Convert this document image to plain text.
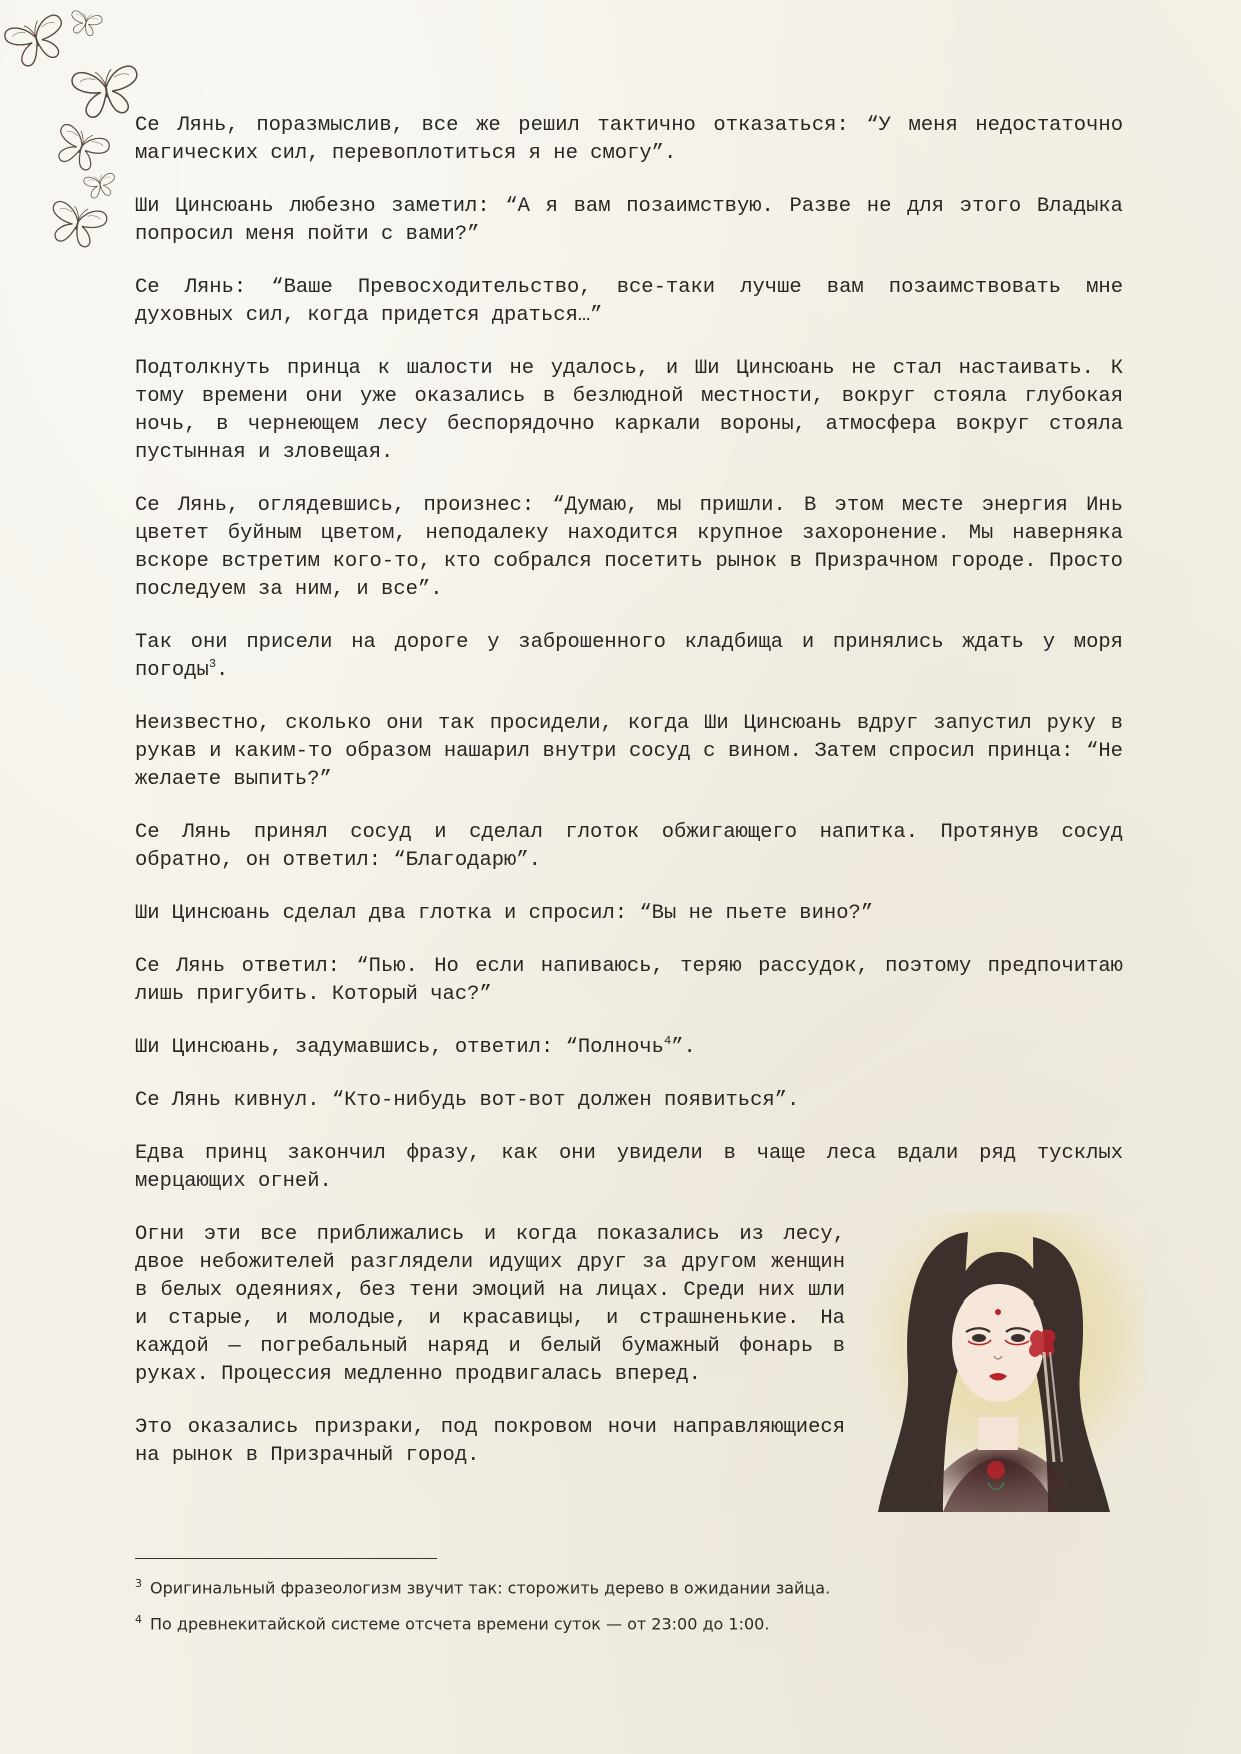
Се Лянь, поразмыслив, все же решил тактично отказаться: “У меня недостаточно магических сил, перевоплотиться я не смогу”.

Ши Цинсюань любезно заметил: “А я вам позаимствую. Разве не для этого Владыка попросил меня пойти с вами?”

Се Лянь: “Ваше Превосходительство, все-таки лучше вам позаимствовать мне духовных сил, когда придется драться…”

Подтолкнуть принца к шалости не удалось, и Ши Цинсюань не стал настаивать. К тому времени они уже оказались в безлюдной местности, вокруг стояла глубокая ночь, в чернеющем лесу беспорядочно каркали вороны, атмосфера вокруг стояла пустынная и зловещая.

Се Лянь, оглядевшись, произнес: “Думаю, мы пришли. В этом месте энергия Инь цветет буйным цветом, неподалеку находится крупное захоронение. Мы наверняка вскоре встретим кого-то, кто собрался посетить рынок в Призрачном городе. Просто последуем за ним, и все”.

Так они присели на дороге у заброшенного кладбища и принялись ждать у моря погоды$^3$.

Неизвестно, сколько они так просидели, когда Ши Цинсюань вдруг запустил руку в рукав и каким-то образом нашарил внутри сосуд с вином. Затем спросил принца: “Не желаете выпить?”

Се Лянь принял сосуд и сделал глоток обжигающего напитка. Протянув сосуд обратно, он ответил: “Благодарю”.

Ши Цинсюань сделал два глотка и спросил: “Вы не пьете вино?”

Се Лянь ответил: “Пью. Но если напиваюсь, теряю рассудок, поэтому предпочитаю лишь пригубить. Который час?”

Ши Цинсюань, задумавшись, ответил: “Полночь$^4$”.

Се Лянь кивнул. “Кто-нибудь вот-вот должен появиться”.

Едва принц закончил фразу, как они увидели в чаще леса вдали ряд тусклых мерцающих огней.

Огни эти все приближались и когда показались из лесу, двое небожителей разглядели идущих друг за другом женщин в белых одеяниях, без тени эмоций на лицах. Среди них шли и старые, и молодые, и красавицы, и страшненькие. На каждой — погребальный наряд и белый бумажный фонарь в руках. Процессия медленно продвигалась вперед.

Это оказались призраки, под покровом ночи направляющиеся на рынок в Призрачный город.

$^3$ Оригинальный фразеологизм звучит так: сторожить дерево в ожидании зайца.
$^4$ По древнекитайской системе отсчета времени суток — от 23:00 до 1:00.
